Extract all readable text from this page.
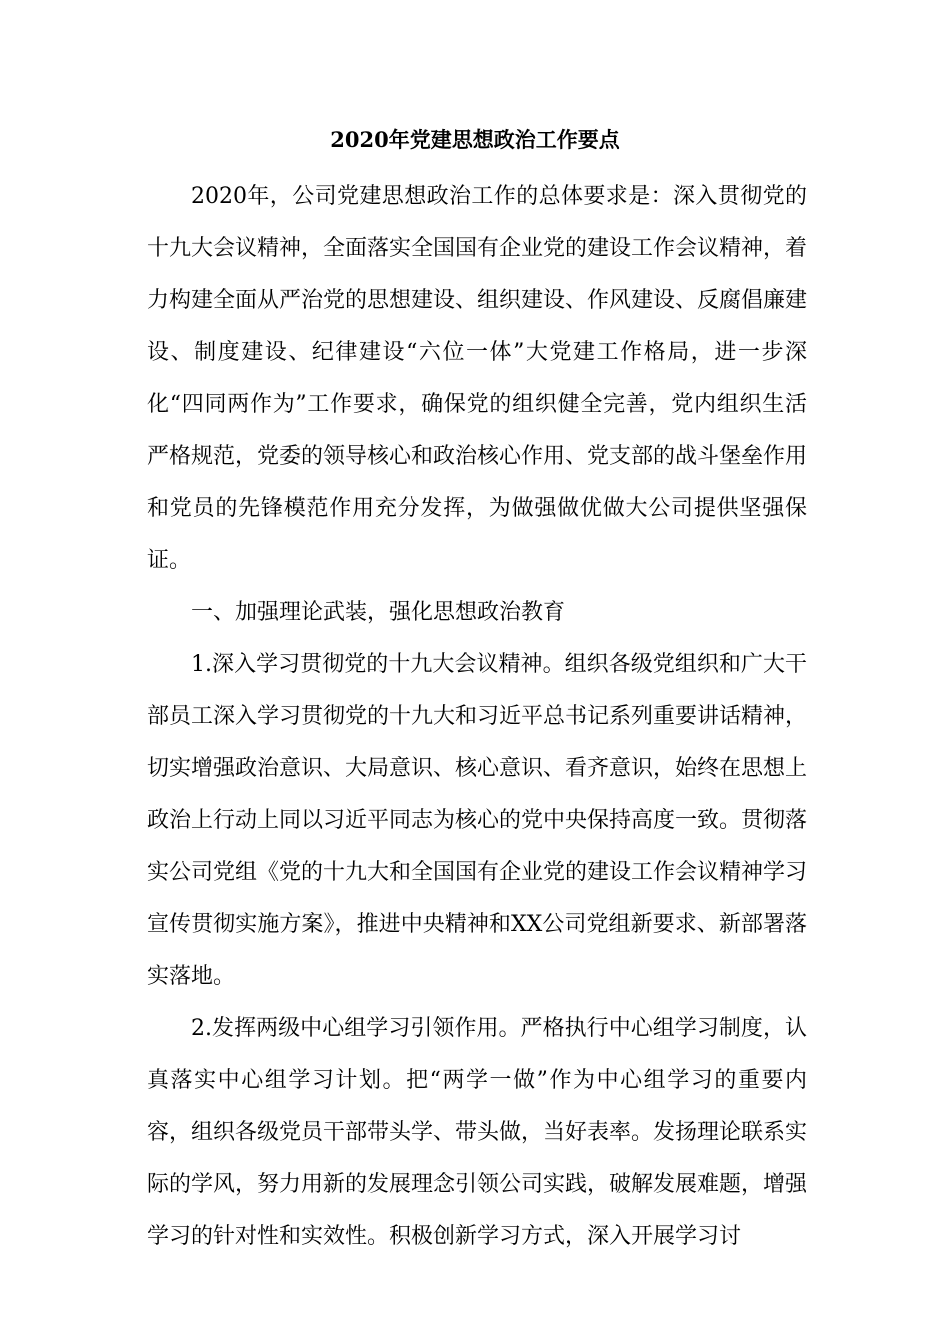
2020年党建思想政治工作要点

2020年，公司党建思想政治工作的总体要求是：深入贯彻党的十九大会议精神，全面落实全国国有企业党的建设工作会议精神，着力构建全面从严治党的思想建设、组织建设、作风建设、反腐倡廉建设、制度建设、纪律建设“六位一体”大党建工作格局，进一步深化“四同两作为”工作要求，确保党的组织健全完善，党内组织生活严格规范，党委的领导核心和政治核心作用、党支部的战斗堡垒作用和党员的先锋模范作用充分发挥，为做强做优做大公司提供坚强保证。

一、加强理论武装，强化思想政治教育

1.深入学习贯彻党的十九大会议精神。组织各级党组织和广大干部员工深入学习贯彻党的十九大和习近平总书记系列重要讲话精神，切实增强政治意识、大局意识、核心意识、看齐意识，始终在思想上政治上行动上同以习近平同志为核心的党中央保持高度一致。贯彻落实公司党组《党的十九大和全国国有企业党的建设工作会议精神学习宣传贯彻实施方案》，推进中央精神和XX公司党组新要求、新部署落实落地。

2.发挥两级中心组学习引领作用。严格执行中心组学习制度，认真落实中心组学习计划。把“两学一做”作为中心组学习的重要内容，组织各级党员干部带头学、带头做，当好表率。发扬理论联系实际的学风，努力用新的发展理念引领公司实践，破解发展难题，增强学习的针对性和实效性。积极创新学习方式，深入开展学习讨
